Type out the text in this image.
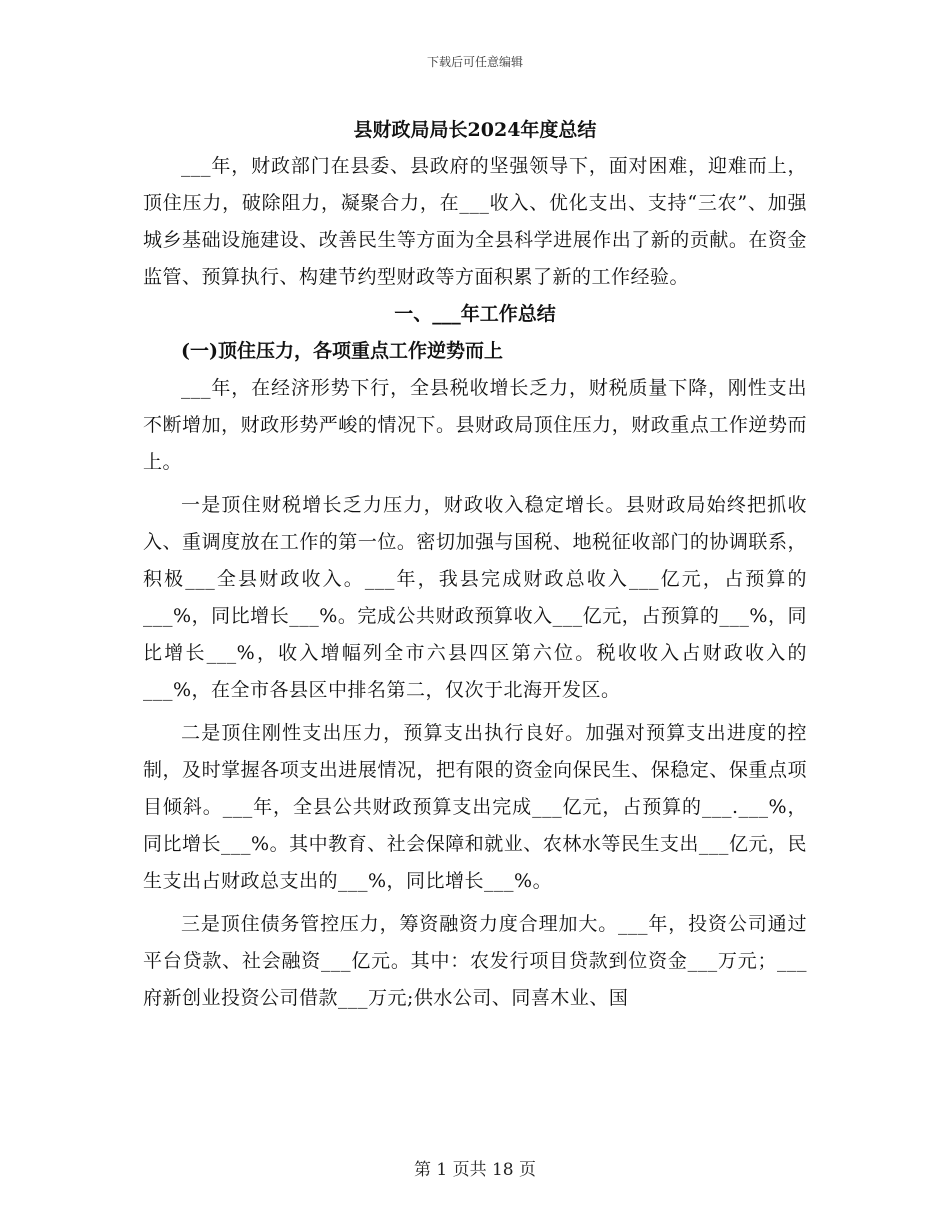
下载后可任意编辑

县财政局局长2024年度总结

___年，财政部门在县委、县政府的坚强领导下，面对困难，迎难而上，顶住压力，破除阻力，凝聚合力，在___收入、优化支出、支持“三农”、加强城乡基础设施建设、改善民生等方面为全县科学进展作出了新的贡献。在资金监管、预算执行、构建节约型财政等方面积累了新的工作经验。

一、___年工作总结

(一)顶住压力，各项重点工作逆势而上

___年，在经济形势下行，全县税收增长乏力，财税质量下降，刚性支出不断增加，财政形势严峻的情况下。县财政局顶住压力，财政重点工作逆势而上。

一是顶住财税增长乏力压力，财政收入稳定增长。县财政局始终把抓收入、重调度放在工作的第一位。密切加强与国税、地税征收部门的协调联系，积极___全县财政收入。___年，我县完成财政总收入___亿元，占预算的___%，同比增长___%。完成公共财政预算收入___亿元，占预算的___%，同比增长___%，收入增幅列全市六县四区第六位。税收收入占财政收入的___%，在全市各县区中排名第二，仅次于北海开发区。

二是顶住刚性支出压力，预算支出执行良好。加强对预算支出进度的控制，及时掌握各项支出进展情况，把有限的资金向保民生、保稳定、保重点项目倾斜。___年，全县公共财政预算支出完成___亿元，占预算的___.___%，同比增长___%。其中教育、社会保障和就业、农林水等民生支出___亿元，民生支出占财政总支出的___%，同比增长___%。

三是顶住债务管控压力，筹资融资力度合理加大。___年，投资公司通过平台贷款、社会融资___亿元。其中：农发行项目贷款到位资金___万元；___府新创业投资公司借款___万元;供水公司、同喜木业、国

第 1 页共 18 页
